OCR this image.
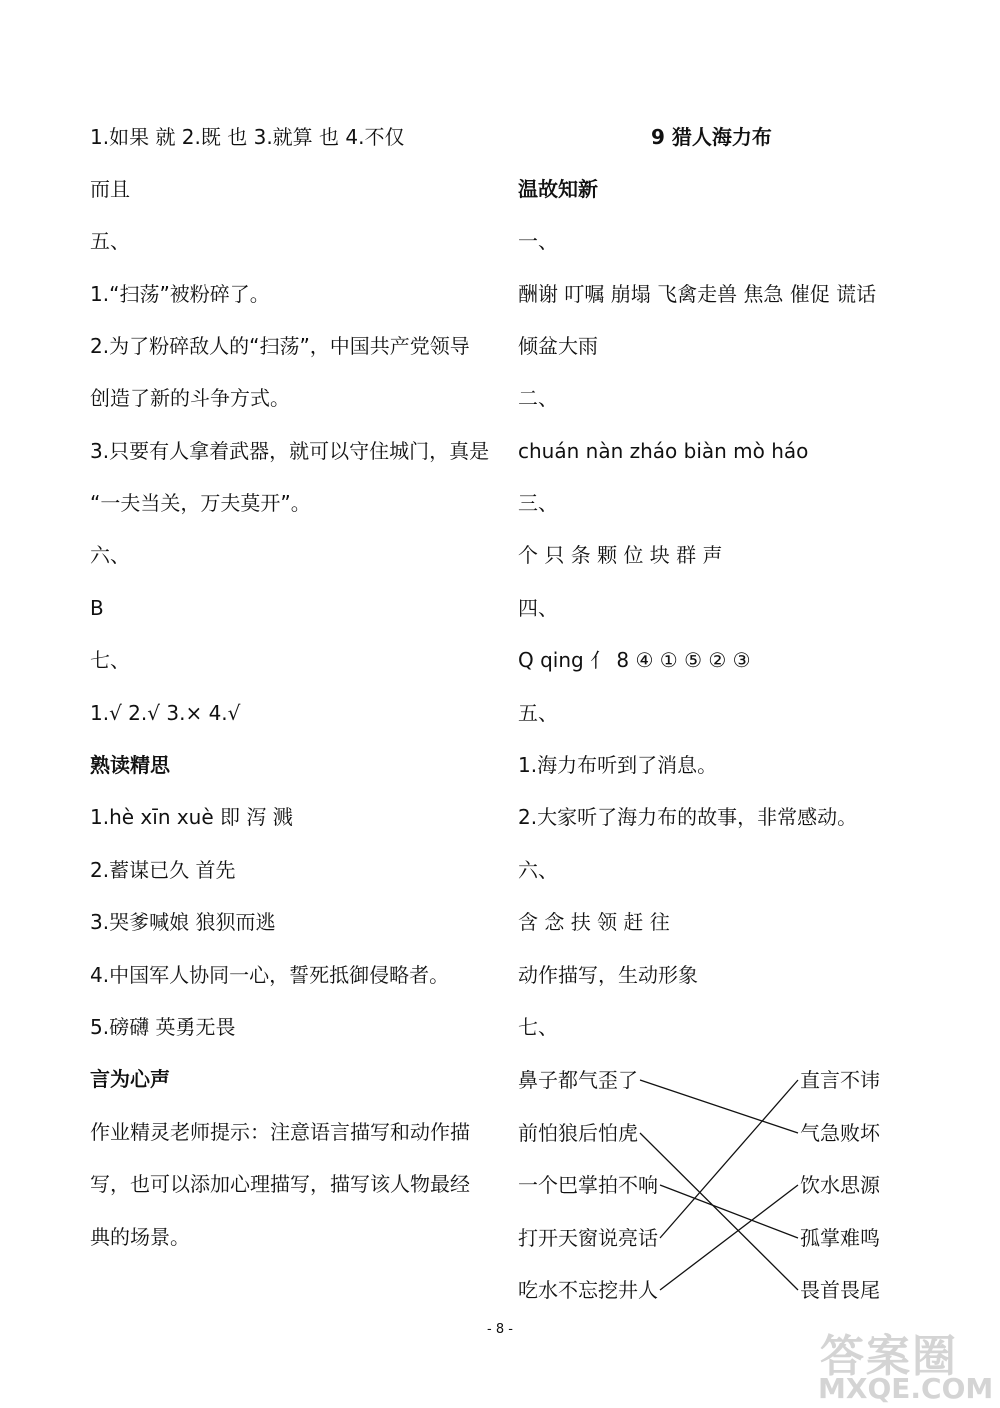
1.如果 就 2.既 也 3.就算 也 4.不仅
而且
五、
1.“扫荡”被粉碎了。
2.为了粉碎敌人的“扫荡”，中国共产党领导
创造了新的斗争方式。
3.只要有人拿着武器，就可以守住城门，真是
“一夫当关，万夫莫开”。
六、
B
七、
1.√ 2.√ 3.× 4.√
熟读精思
1.hè xīn xuè 即 泻 溅
2.蓄谋已久 首先
3.哭爹喊娘 狼狈而逃
4.中国军人协同一心，誓死抵御侵略者。
5.磅礴 英勇无畏
言为心声
作业精灵老师提示：注意语言描写和动作描
写，也可以添加心理描写，描写该人物最经
典的场景。
9 猎人海力布
温故知新
一、
酬谢 叮嘱 崩塌 飞禽走兽 焦急 催促 谎话
倾盆大雨
二、
chuán nàn zháo biàn mò háo
三、
个 只 条 颗 位 块 群 声
四、
Q qing 亻 8 ④ ① ⑤ ② ③
五、
1.海力布听到了消息。
2.大家听了海力布的故事，非常感动。
六、
含 念 扶 领 赶 往
动作描写，生动形象
七、
鼻子都气歪了
前怕狼后怕虎
一个巴掌拍不响
打开天窗说亮话
吃水不忘挖井人
直言不讳
气急败坏
饮水思源
孤掌难鸣
畏首畏尾
- 8 -
答案圈
MXQE.COM
